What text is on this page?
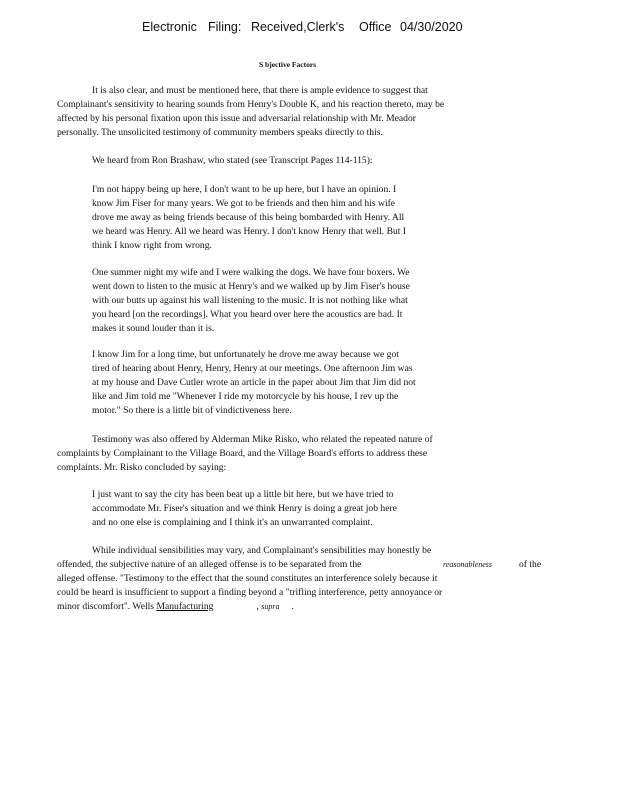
Electronic Filing: Received,Clerk's Office 04/30/2020
S bjective Factors
It is also clear, and must be mentioned here, that there is ample evidence to suggest that
Complainant's sensitivity to hearing sounds from Henry's Double K, and his reaction thereto, may be
affected by his personal fixation upon this issue and adversarial relationship with Mr. Meador
personally. The unsolicited testimony of community members speaks directly to this.
We heard from Ron Brashaw, who stated (see Transcript Pages 114-115):
I'm not happy being up here, I don't want to be up here, but I have an opinion. I
know Jim Fiser for many years. We got to be friends and then him and his wife
drove me away as being friends because of this being bombarded with Henry. All
we heard was Henry. All we heard was Henry. I don't know Henry that well. But I
think I know right from wrong.
One summer night my wife and I were walking the dogs. We have four boxers. We
went down to listen to the music at Henry's and we walked up by Jim Fiser's house
with our butts up against his wall listening to the music. It is not nothing like what
you heard [on the recordings]. What you heard over here the acoustics are bad. It
makes it sound louder than it is.
I know Jim for a long time, but unfortunately he drove me away because we got
tired of hearing about Henry, Henry, Henry at our meetings. One afternoon Jim was
at my house and Dave Cutler wrote an article in the paper about Jim that Jim did not
like and Jim told me "Whenever I ride my motorcycle by his house, I rev up the
motor." So there is a little bit of vindictiveness here.
Testimony was also offered by Alderman Mike Risko, who related the repeated nature of
complaints by Complainant to the Village Board, and the Village Board's efforts to address these
complaints. Mr. Risko concluded by saying:
I just want to say the city has been beat up a little bit here, but we have tried to
accommodate Mr. Fiser's situation and we think Henry is doing a great job here
and no one else is complaining and I think it's an unwarranted complaint.
While individual sensibilities may vary, and Complainant's sensibilities may honestly be
offended, the subjective nature of an alleged offense is to be separated from the	reasonableness	of the
alleged offense. "Testimony to the effect that the sound constitutes an interference solely because it
could be heard is insufficient to support a finding beyond a "trifling interference, petty annoyance or
minor discomfort". Wells Manufacturing	, supra .
